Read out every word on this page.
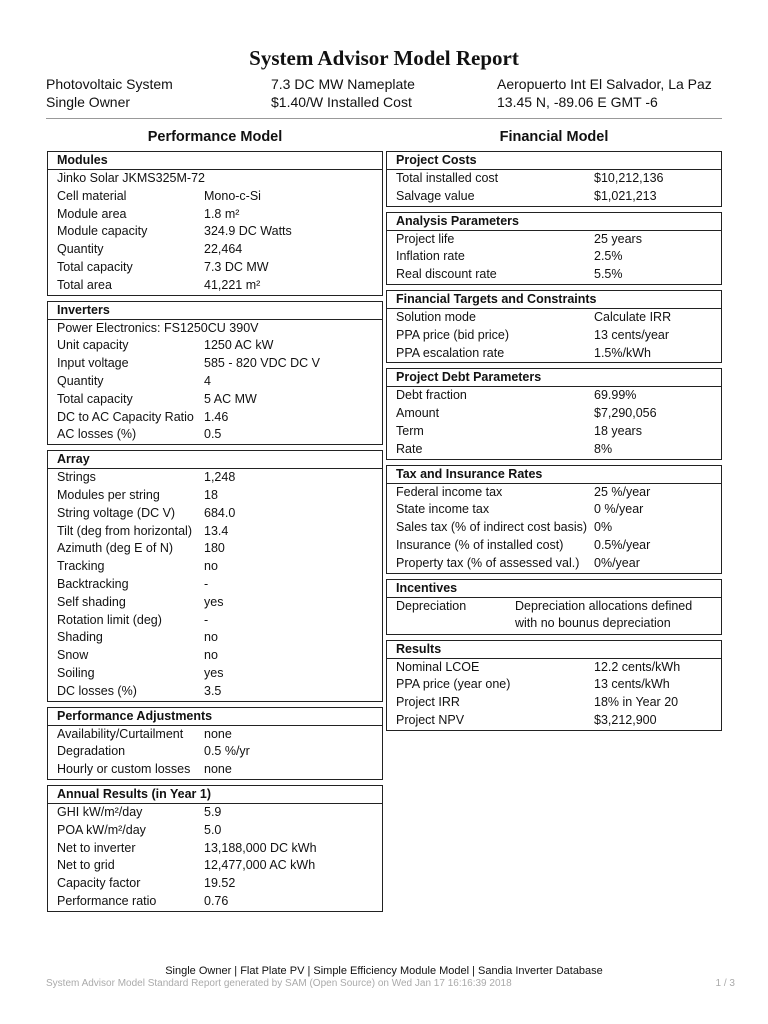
System Advisor Model Report
Photovoltaic System
Single Owner
7.3 DC MW Nameplate
$1.40/W Installed Cost
Aeropuerto Int El Salvador, La Paz
13.45 N, -89.06 E GMT -6
Performance Model	Financial Model
Modules
Jinko Solar JKMS325M-72
Cell material	Mono-c-Si
Module area	1.8 m²
Module capacity	324.9 DC Watts
Quantity	22,464
Total capacity	7.3 DC MW
Total area	41,221 m²
Inverters
Power Electronics: FS1250CU 390V
Unit capacity	1250 AC kW
Input voltage	585 - 820 VDC DC V
Quantity	4
Total capacity	5 AC MW
DC to AC Capacity Ratio 1.46
AC losses (%)	0.5
Array
Strings	1,248
Modules per string	18
String voltage (DC V) 684.0
Tilt (deg from horizontal) 13.4
Azimuth (deg E of N) 180
Tracking	no
Backtracking	-
Self shading	yes
Rotation limit (deg)	-
Shading	no
Snow	no
Soiling	yes
DC losses (%)	3.5
Performance Adjustments
Availability/Curtailment none
Degradation	0.5 %/yr
Hourly or custom losses none
Annual Results (in Year 1)
GHI kW/m²/day	5.9
POA kW/m²/day	5.0
Net to inverter	13,188,000 DC kWh
Net to grid	12,477,000 AC kWh
Capacity factor	19.52
Performance ratio	0.76
Project Costs
Total installed cost	$10,212,136
Salvage value	$1,021,213
Analysis Parameters
Project life	25 years
Inflation rate	2.5%
Real discount rate	5.5%
Financial Targets and Constraints
Solution mode	Calculate IRR
PPA price (bid price)	13 cents/year
PPA escalation rate	1.5%/kWh
Project Debt Parameters
Debt fraction	69.99%
Amount	$7,290,056
Term	18 years
Rate	8%
Tax and Insurance Rates
Federal income tax	25 %/year
State income tax	0 %/year
Sales tax (% of indirect cost basis) 0%
Insurance (% of installed cost) 0.5%/year
Property tax (% of assessed val.) 0%/year
Incentives
Depreciation	Depreciation allocations defined with no bounus depreciation
Results
Nominal LCOE	12.2 cents/kWh
PPA price (year one)	13 cents/kWh
Project IRR	18% in Year 20
Project NPV	$3,212,900
Single Owner | Flat Plate PV | Simple Efficiency Module Model | Sandia Inverter Database
System Advisor Model Standard Report generated by SAM (Open Source) on Wed Jan 17 16:16:39 2018	1 / 3
